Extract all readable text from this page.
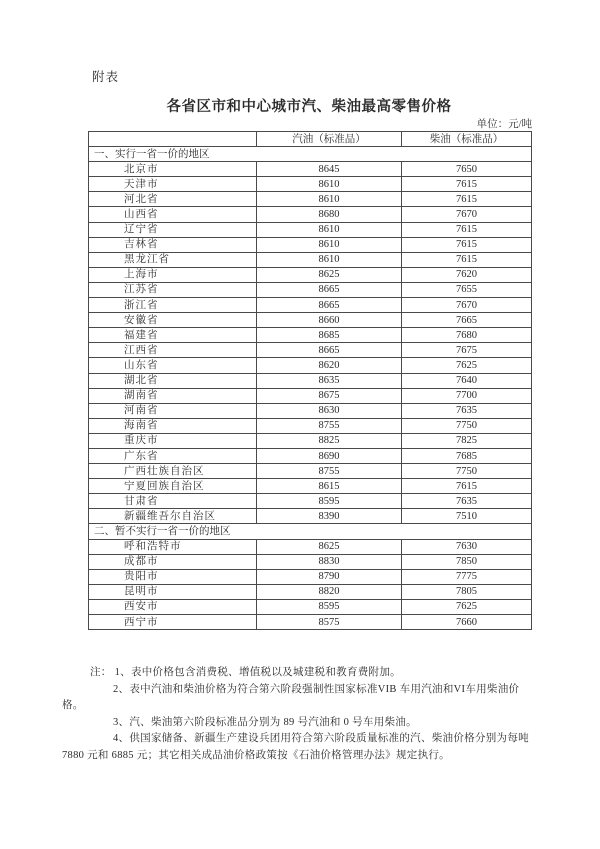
附表
各省区市和中心城市汽、柴油最高零售价格
单位：元/吨
	汽油（标准品）	柴油（标准品）
一、实行一省一价的地区		
北京市	8645	7650
天津市	8610	7615
河北省	8610	7615
山西省	8680	7670
辽宁省	8610	7615
吉林省	8610	7615
黑龙江省	8610	7615
上海市	8625	7620
江苏省	8665	7655
浙江省	8665	7670
安徽省	8660	7665
福建省	8685	7680
江西省	8665	7675
山东省	8620	7625
湖北省	8635	7640
湖南省	8675	7700
河南省	8630	7635
海南省	8755	7750
重庆市	8825	7825
广东省	8690	7685
广西壮族自治区	8755	7750
宁夏回族自治区	8615	7615
甘肃省	8595	7635
新疆维吾尔自治区	8390	7510
二、暂不实行一省一价的地区		
呼和浩特市	8625	7630
成都市	8830	7850
贵阳市	8790	7775
昆明市	8820	7805
西安市	8595	7625
西宁市	8575	7660
注： 1、表中价格包含消费税、增值税以及城建税和教育费附加。
2、表中汽油和柴油价格为符合第六阶段强制性国家标准VIB 车用汽油和VI车用柴油价
格。
3、汽、柴油第六阶段标准品分别为 89 号汽油和 0 号车用柴油。
4、供国家储备、新疆生产建设兵团用符合第六阶段质量标准的汽、柴油价格分别为每吨
7880 元和 6885 元；其它相关成品油价格政策按《石油价格管理办法》规定执行。
